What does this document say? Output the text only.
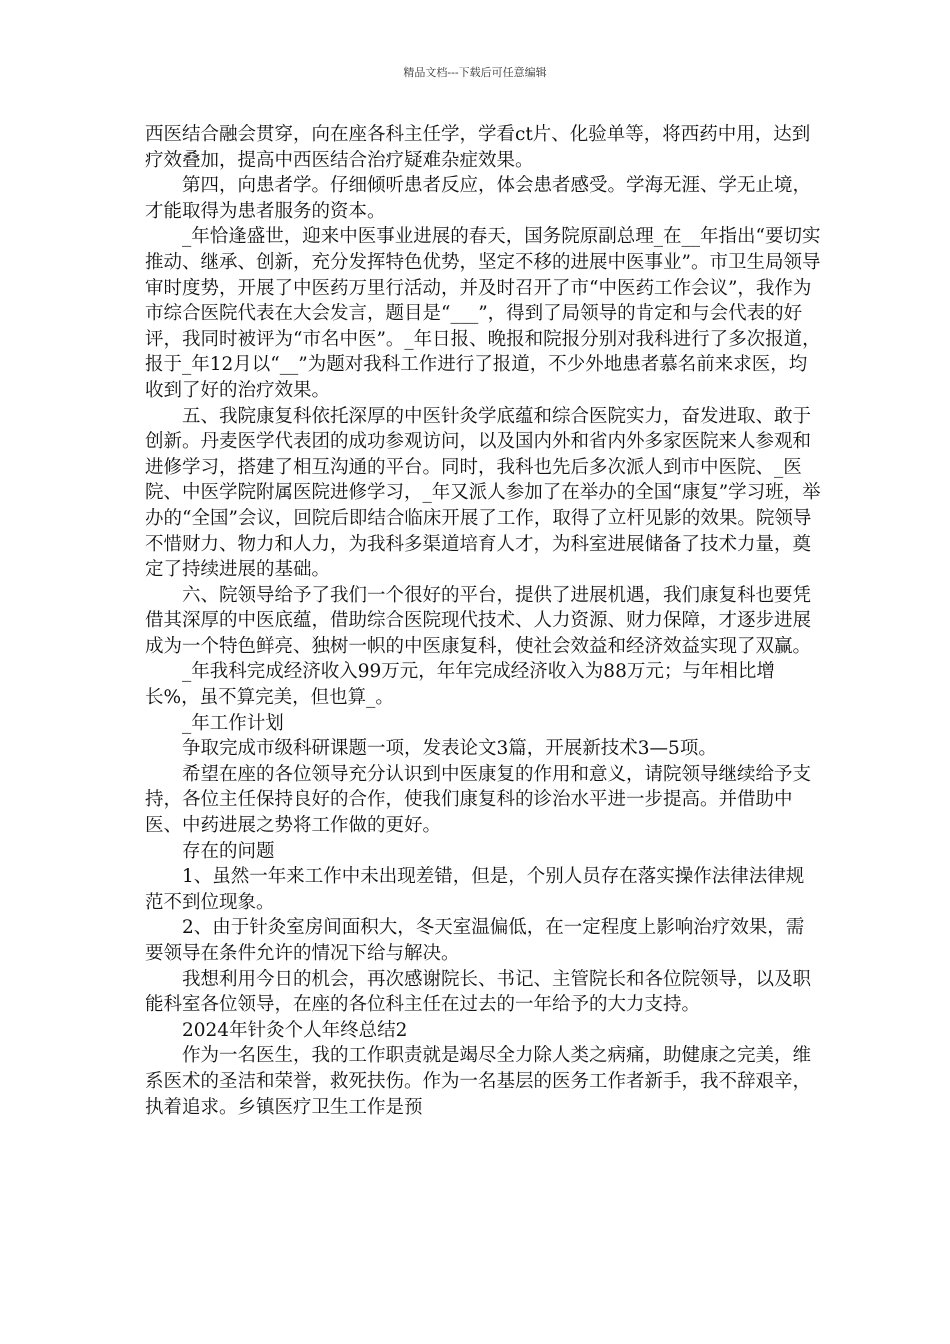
精品文档---下载后可任意编辑

西医结合融会贯穿，向在座各科主任学，学看ct片、化验单等，将西药中用，达到疗效叠加，提高中西医结合治疗疑难杂症效果。

第四，向患者学。仔细倾听患者反应，体会患者感受。学海无涯、学无止境，才能取得为患者服务的资本。

_年恰逢盛世，迎来中医事业进展的春天，国务院原副总理_在__年指出“要切实推动、继承、创新，充分发挥特色优势，坚定不移的进展中医事业”。市卫生局领导审时度势，开展了中医药万里行活动，并及时召开了市“中医药工作会议”，我作为市综合医院代表在大会发言，题目是“___”，得到了局领导的肯定和与会代表的好评，我同时被评为“市名中医”。_年日报、晚报和院报分别对我科进行了多次报道，报于_年12月以“__”为题对我科工作进行了报道，不少外地患者慕名前来求医，均收到了好的治疗效果。

五、我院康复科依托深厚的中医针灸学底蕴和综合医院实力，奋发进取、敢于创新。丹麦医学代表团的成功参观访问，以及国内外和省内外多家医院来人参观和进修学习，搭建了相互沟通的平台。同时，我科也先后多次派人到市中医院、_医院、中医学院附属医院进修学习，_年又派人参加了在举办的全国“康复”学习班，举办的“全国”会议，回院后即结合临床开展了工作，取得了立杆见影的效果。院领导不惜财力、物力和人力，为我科多渠道培育人才，为科室进展储备了技术力量，奠定了持续进展的基础。

六、院领导给予了我们一个很好的平台，提供了进展机遇，我们康复科也要凭借其深厚的中医底蕴，借助综合医院现代技术、人力资源、财力保障，才逐步进展成为一个特色鲜亮、独树一帜的中医康复科，使社会效益和经济效益实现了双赢。

_年我科完成经济收入99万元，年年完成经济收入为88万元；与年相比增长%，虽不算完美，但也算_。

_年工作计划

争取完成市级科研课题一项，发表论文3篇，开展新技术3—5项。

希望在座的各位领导充分认识到中医康复的作用和意义，请院领导继续给予支持，各位主任保持良好的合作，使我们康复科的诊治水平进一步提高。并借助中医、中药进展之势将工作做的更好。

存在的问题

1、虽然一年来工作中未出现差错，但是，个别人员存在落实操作法律法律规范不到位现象。

2、由于针灸室房间面积大，冬天室温偏低，在一定程度上影响治疗效果，需要领导在条件允许的情况下给与解决。

我想利用今日的机会，再次感谢院长、书记、主管院长和各位院领导，以及职能科室各位领导，在座的各位科主任在过去的一年给予的大力支持。

2024年针灸个人年终总结2

作为一名医生，我的工作职责就是竭尽全力除人类之病痛，助健康之完美，维系医术的圣洁和荣誉，救死扶伤。作为一名基层的医务工作者新手，我不辞艰辛，执着追求。乡镇医疗卫生工作是预
